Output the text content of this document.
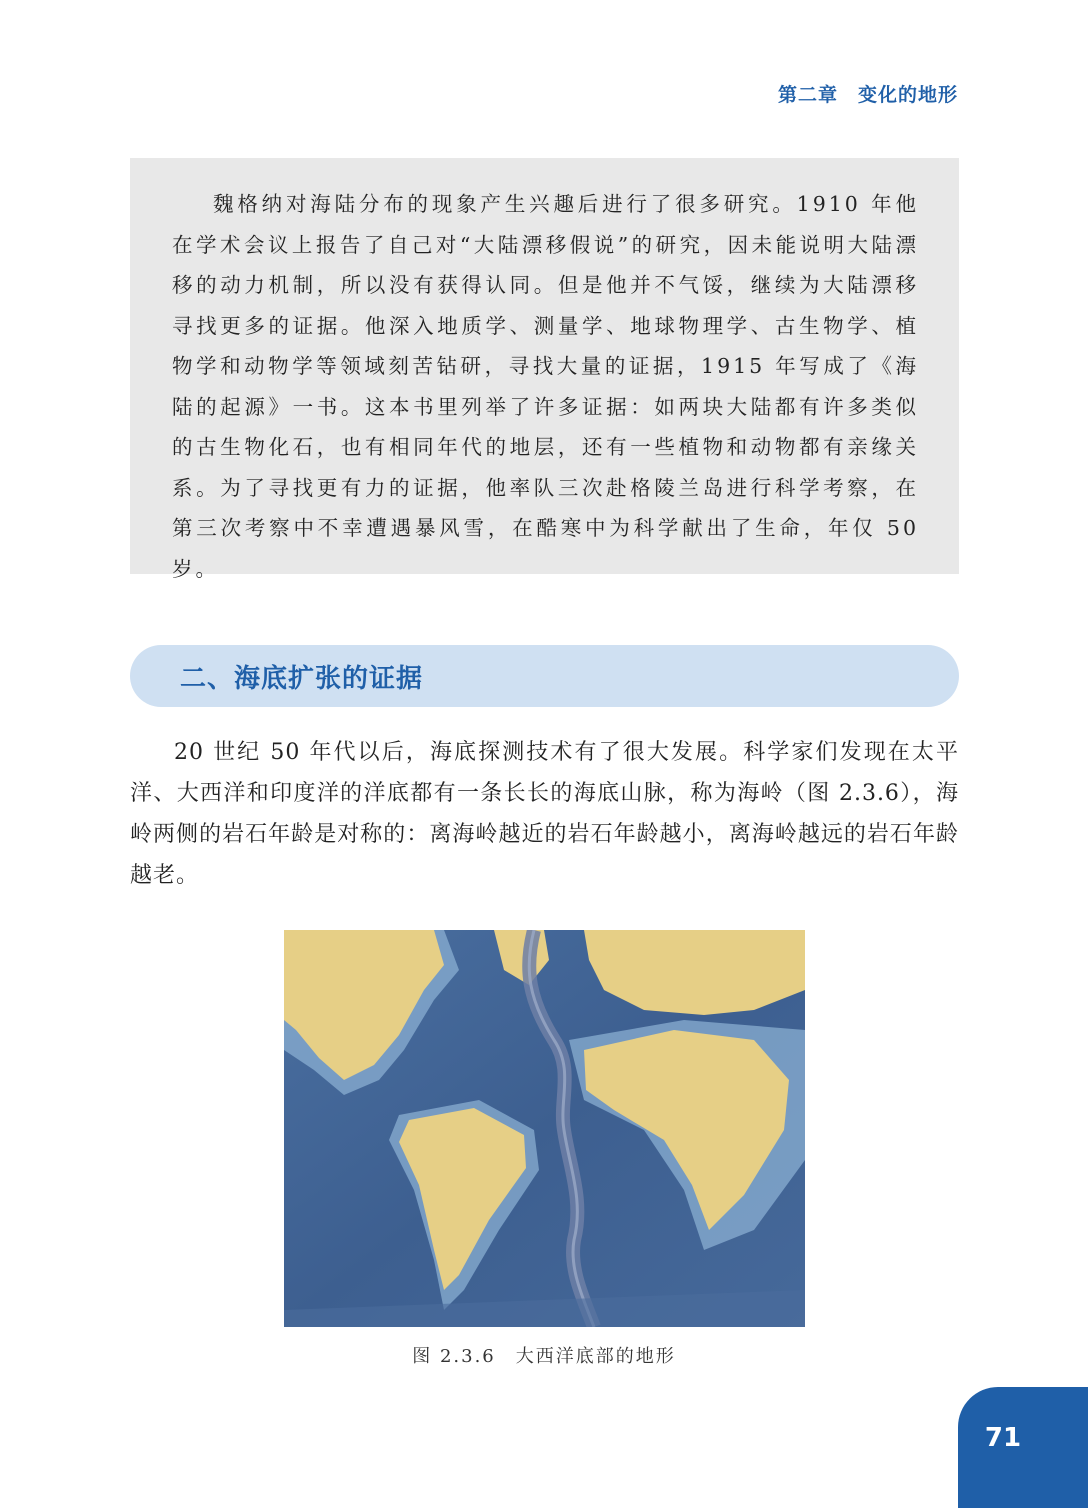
第二章　变化的地形

魏格纳对海陆分布的现象产生兴趣后进行了很多研究。1910 年他在学术会议上报告了自己对“大陆漂移假说”的研究，因未能说明大陆漂移的动力机制，所以没有获得认同。但是他并不气馁，继续为大陆漂移寻找更多的证据。他深入地质学、测量学、地球物理学、古生物学、植物学和动物学等领域刻苦钻研，寻找大量的证据，1915 年写成了《海陆的起源》一书。这本书里列举了许多证据：如两块大陆都有许多类似的古生物化石，也有相同年代的地层，还有一些植物和动物都有亲缘关系。为了寻找更有力的证据，他率队三次赴格陵兰岛进行科学考察，在第三次考察中不幸遭遇暴风雪，在酷寒中为科学献出了生命，年仅 50 岁。

二、海底扩张的证据

20 世纪 50 年代以后，海底探测技术有了很大发展。科学家们发现在太平洋、大西洋和印度洋的洋底都有一条长长的海底山脉，称为海岭（图 2.3.6），海岭两侧的岩石年龄是对称的：离海岭越近的岩石年龄越小，离海岭越远的岩石年龄越老。

图 2.3.6 大西洋底部的地形
71
